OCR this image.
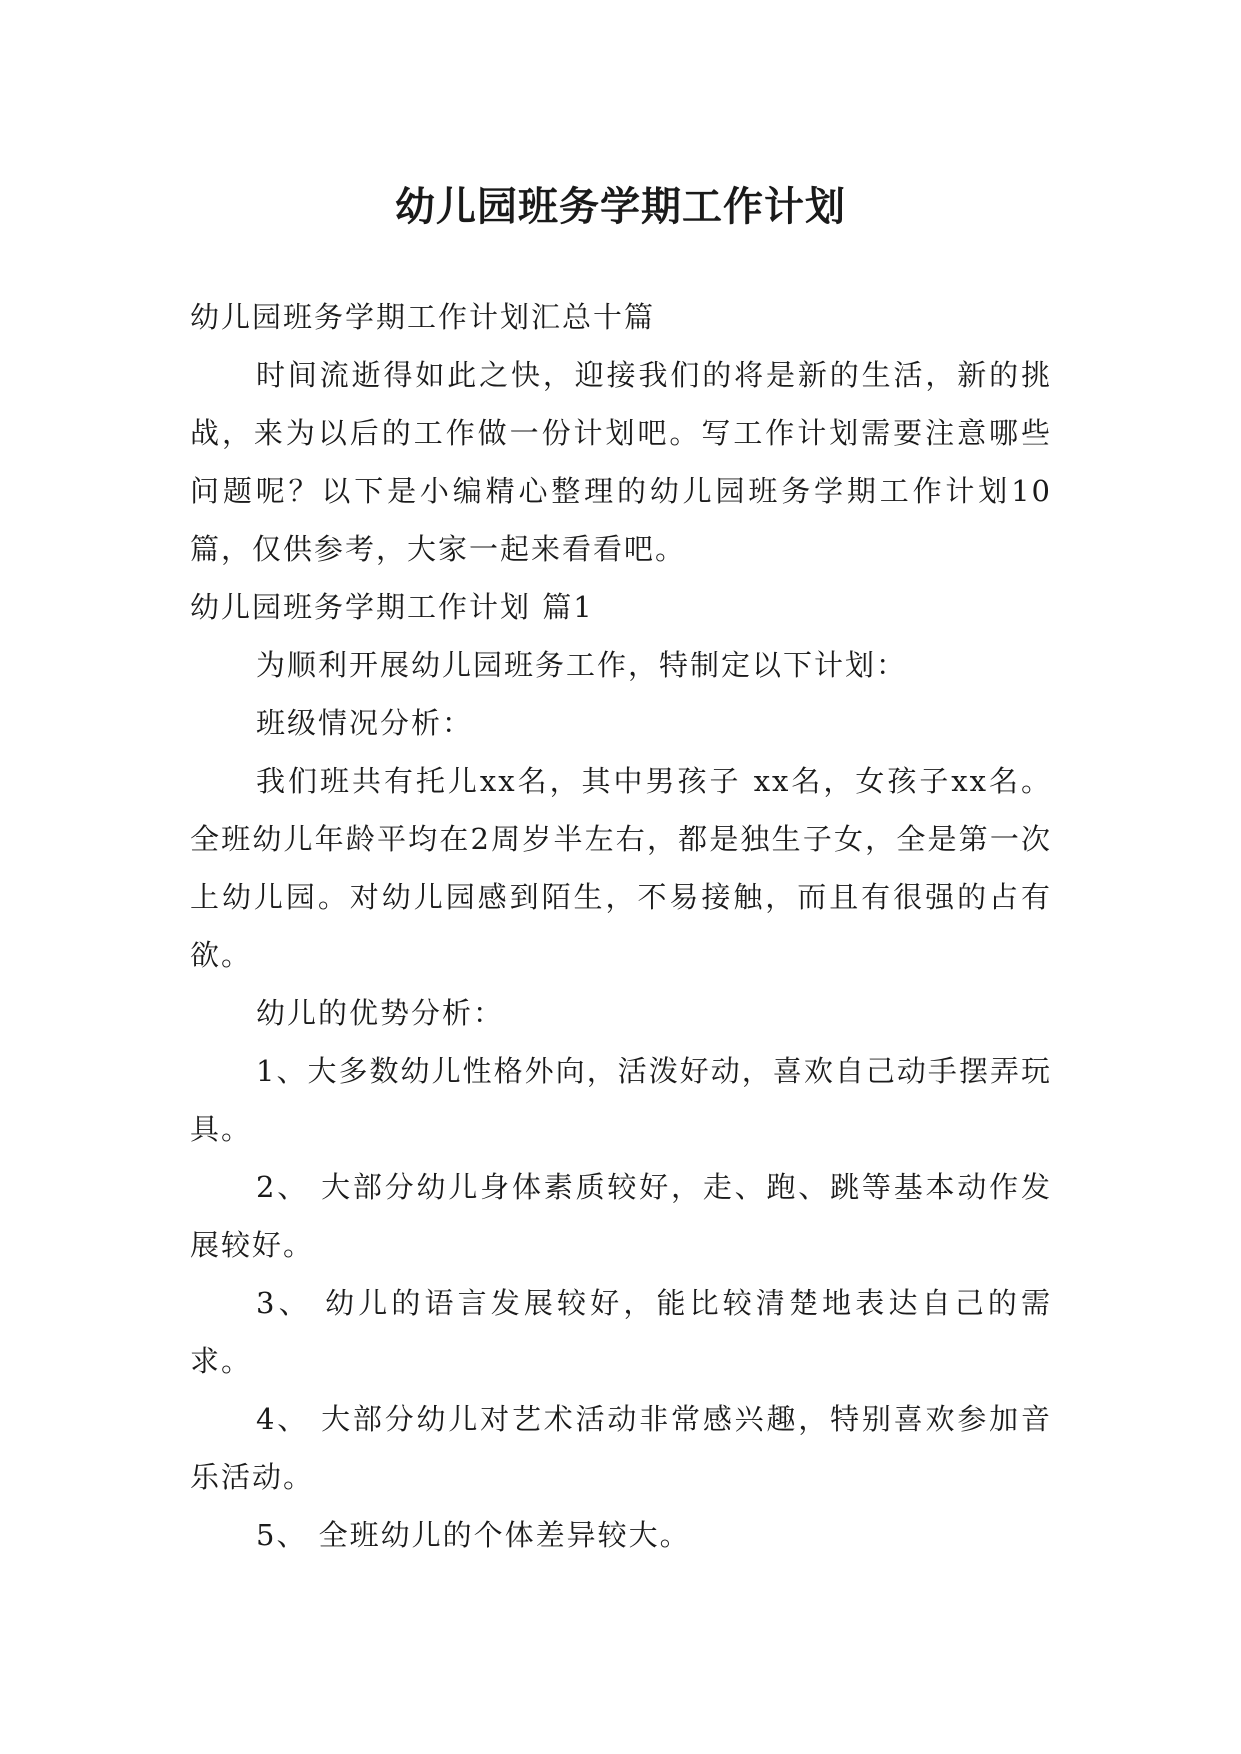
幼儿园班务学期工作计划

幼儿园班务学期工作计划汇总十篇

时间流逝得如此之快，迎接我们的将是新的生活，新的挑战，来为以后的工作做一份计划吧。写工作计划需要注意哪些问题呢？以下是小编精心整理的幼儿园班务学期工作计划10篇，仅供参考，大家一起来看看吧。

幼儿园班务学期工作计划 篇1

为顺利开展幼儿园班务工作，特制定以下计划：

班级情况分析：

我们班共有托儿xx名，其中男孩子 xx名，女孩子xx名。全班幼儿年龄平均在2周岁半左右，都是独生子女，全是第一次上幼儿园。对幼儿园感到陌生，不易接触，而且有很强的占有欲。

幼儿的优势分析：

1、大多数幼儿性格外向，活泼好动，喜欢自己动手摆弄玩具。

2、 大部分幼儿身体素质较好，走、跑、跳等基本动作发展较好。

3、 幼儿的语言发展较好，能比较清楚地表达自己的需求。

4、 大部分幼儿对艺术活动非常感兴趣，特别喜欢参加音乐活动。

5、 全班幼儿的个体差异较大。
